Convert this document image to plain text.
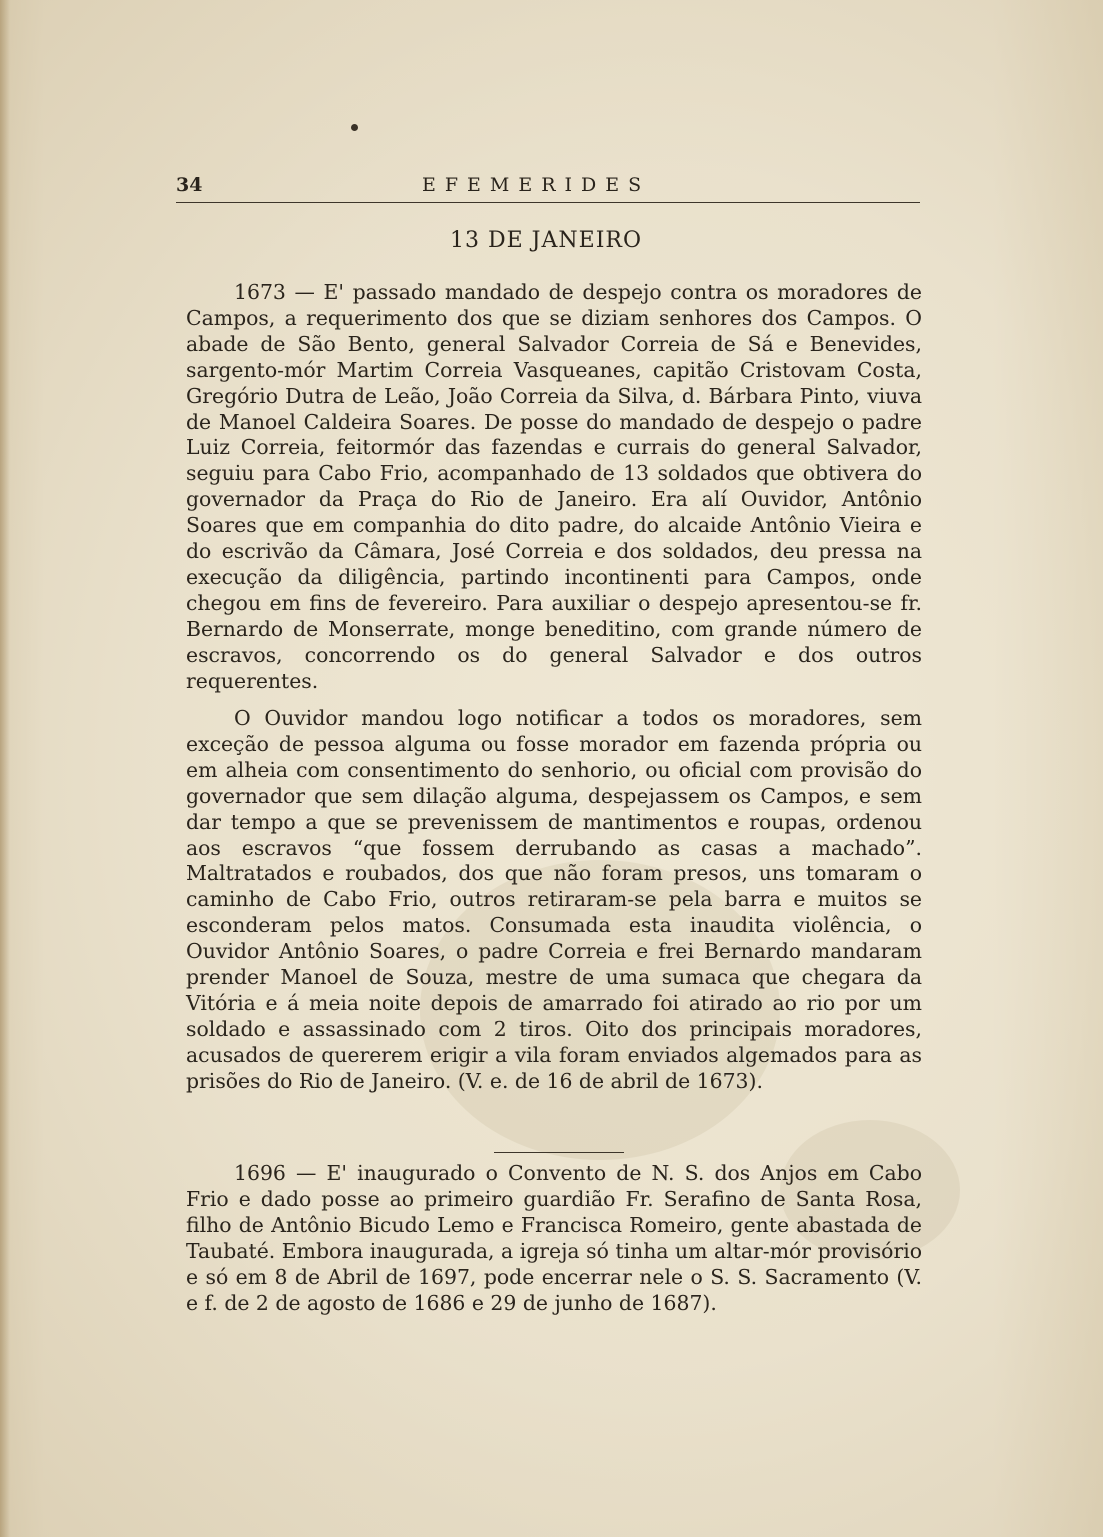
34	EFEMERIDES
13 DE JANEIRO

1673 — E' passado mandado de despejo contra os moradores de Campos, a requerimento dos que se diziam senhores dos Campos. O abade de São Bento, general Salvador Correia de Sá e Benevides, sargento-mór Martim Correia Vasqueanes, capitão Cristovam Costa, Gregório Dutra de Leão, João Correia da Silva, d. Bárbara Pinto, viuva de Manoel Caldeira Soares. De posse do mandado de despejo o padre Luiz Correia, feitormór das fazendas e currais do general Salvador, seguiu para Cabo Frio, acompanhado de 13 soldados que obtivera do governador da Praça do Rio de Janeiro. Era alí Ouvidor, Antônio Soares que em companhia do dito padre, do alcaide Antônio Vieira e do escrivão da Câmara, José Correia e dos soldados, deu pressa na execução da diligência, partindo incontinenti para Campos, onde chegou em fins de fevereiro. Para auxiliar o despejo apresentou-se fr. Bernardo de Monserrate, monge beneditino, com grande número de escravos, concorrendo os do general Salvador e dos outros requerentes.

O Ouvidor mandou logo notificar a todos os moradores, sem exceção de pessoa alguma ou fosse morador em fazenda própria ou em alheia com consentimento do senhorio, ou oficial com provisão do governador que sem dilação alguma, despejassem os Campos, e sem dar tempo a que se prevenissem de mantimentos e roupas, ordenou aos escravos “que fossem derrubando as casas a machado”. Maltratados e roubados, dos que não foram presos, uns tomaram o caminho de Cabo Frio, outros retiraram-se pela barra e muitos se esconderam pelos matos. Consumada esta inaudita violência, o Ouvidor Antônio Soares, o padre Correia e frei Bernardo mandaram prender Manoel de Souza, mestre de uma sumaca que chegara da Vitória e á meia noite depois de amarrado foi atirado ao rio por um soldado e assassinado com 2 tiros. Oito dos principais moradores, acusados de quererem erigir a vila foram enviados algemados para as prisões do Rio de Janeiro. (V. e. de 16 de abril de 1673).

1696 — E' inaugurado o Convento de N. S. dos Anjos em Cabo Frio e dado posse ao primeiro guardião Fr. Serafino de Santa Rosa, filho de Antônio Bicudo Lemo e Francisca Romeiro, gente abastada de Taubaté. Embora inaugurada, a igreja só tinha um altar-mór provisório e só em 8 de Abril de 1697, pode encerrar nele o S. S. Sacramento (V. e f. de 2 de agosto de 1686 e 29 de junho de 1687).
